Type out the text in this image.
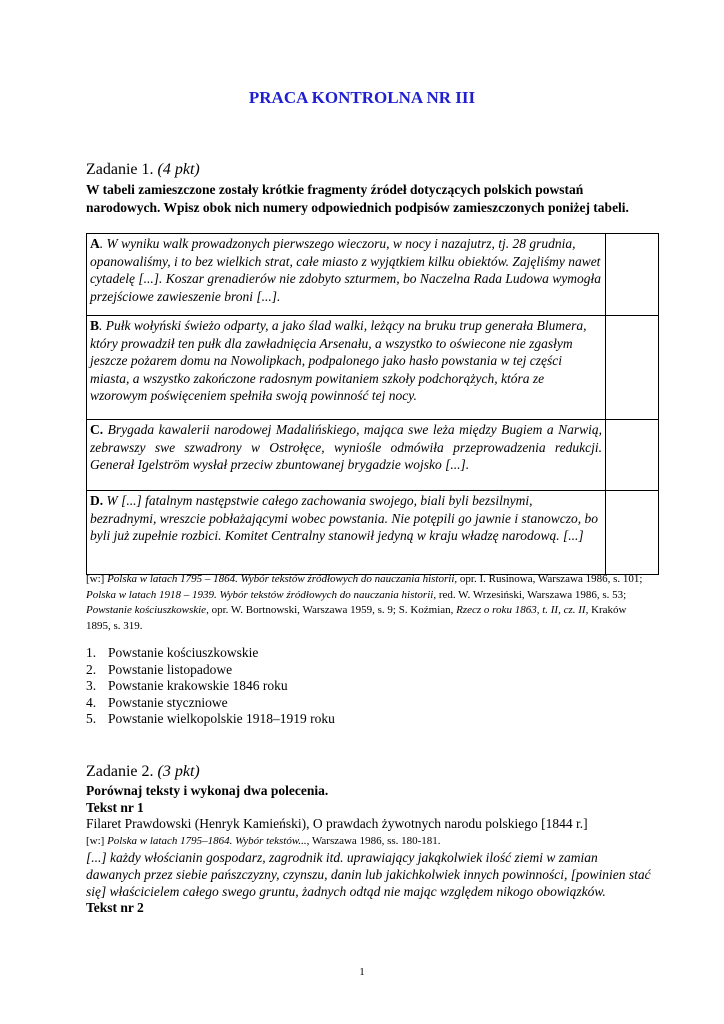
PRACA KONTROLNA NR III
Zadanie 1. (4 pkt)
W tabeli zamieszczone zostały krótkie fragmenty źródeł dotyczących polskich powstań narodowych. Wpisz obok nich numery odpowiednich podpisów zamieszczonych poniżej tabeli.
A. W wyniku walk prowadzonych pierwszego wieczoru, w nocy i nazajutrz, tj. 28 grudnia, opanowaliśmy, i to bez wielkich strat, całe miasto z wyjątkiem kilku obiektów. Zajęliśmy nawet cytadelę [...]. Koszar grenadierów nie zdobyto szturmem, bo Naczelna Rada Ludowa wymogła przejściowe zawieszenie broni [...].	
B. Pułk wołyński świeżo odparty, a jako ślad walki, leżący na bruku trup generała Blumera, który prowadził ten pułk dla zawładnięcia Arsenału, a wszystko to oświecone nie zgasłym jeszcze pożarem domu na Nowolipkach, podpalonego jako hasło powstania w tej części miasta, a wszystko zakończone radosnym powitaniem szkoły podchorążych, która ze wzorowym poświęceniem spełniła swoją powinność tej nocy.	
C. Brygada kawalerii narodowej Madalińskiego, mająca swe leża między Bugiem a Narwią, zebrawszy swe szwadrony w Ostrołęce, wyniośle odmówiła przeprowadzenia redukcji. Generał Igelström wysłał przeciw zbuntowanej brygadzie wojsko [...].	
D. W [...] fatalnym następstwie całego zachowania swojego, biali byli bezsilnymi, bezradnymi, wreszcie pobłażającymi wobec powstania. Nie potępili go jawnie i stanowczo, bo byli już zupełnie rozbici. Komitet Centralny stanowił jedyną w kraju władzę narodową. [...]	
[w:] Polska w latach 1795 – 1864. Wybór tekstów źródłowych do nauczania historii, opr. I. Rusinowa, Warszawa 1986, s. 101; Polska w latach 1918 – 1939. Wybór tekstów źródłowych do nauczania historii, red. W. Wrzesiński, Warszawa 1986, s. 53; Powstanie kościuszkowskie, opr. W. Bortnowski, Warszawa 1959, s. 9; S. Koźmian, Rzecz o roku 1863, t. II, cz. II, Kraków 1895, s. 319.
1. Powstanie kościuszkowskie
2. Powstanie listopadowe
3. Powstanie krakowskie 1846 roku
4. Powstanie styczniowe
5. Powstanie wielkopolskie 1918–1919 roku
Zadanie 2. (3 pkt)
Porównaj teksty i wykonaj dwa polecenia.
Tekst nr 1
Filaret Prawdowski (Henryk Kamieński), O prawdach żywotnych narodu polskiego [1844 r.]
[w:] Polska w latach 1795–1864. Wybór tekstów..., Warszawa 1986, ss. 180-181.
[...] każdy włościanin gospodarz, zagrodnik itd. uprawiający jakąkolwiek ilość ziemi w zamian dawanych przez siebie pańszczyzny, czynszu, danin lub jakichkolwiek innych powinności, [powinien stać się] właścicielem całego swego gruntu, żadnych odtąd nie mając względem nikogo obowiązków.
Tekst nr 2
1
